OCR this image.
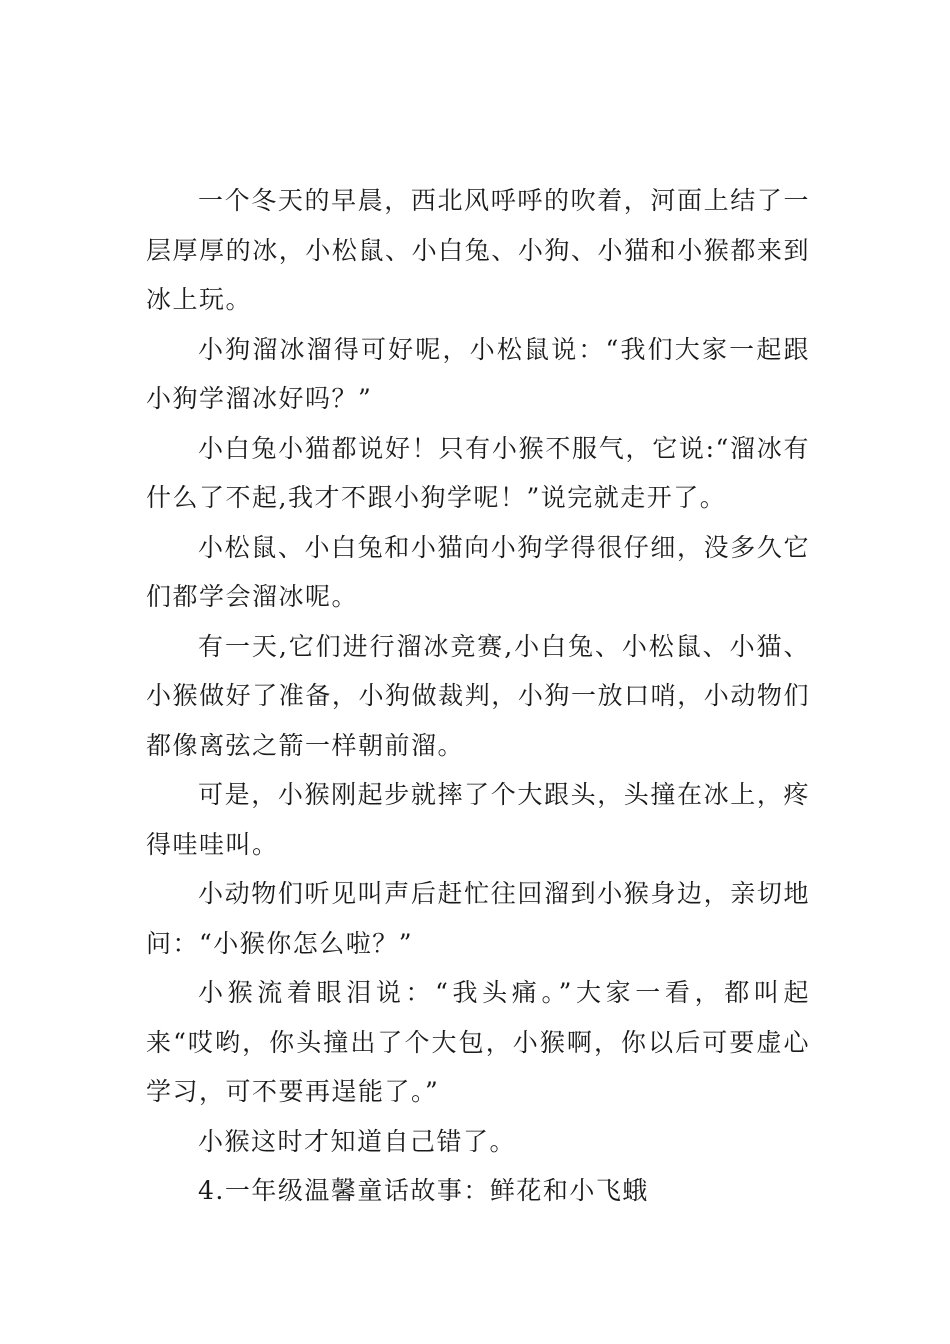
一个冬天的早晨，西北风呼呼的吹着，河面上结了一层厚厚的冰，小松鼠、小白兔、小狗、小猫和小猴都来到冰上玩。

小狗溜冰溜得可好呢，小松鼠说：“我们大家一起跟小狗学溜冰好吗？”

小白兔小猫都说好！只有小猴不服气，它说:“溜冰有什么了不起,我才不跟小狗学呢！”说完就走开了。

小松鼠、小白兔和小猫向小狗学得很仔细，没多久它们都学会溜冰呢。

有一天,它们进行溜冰竞赛,小白兔、小松鼠、小猫、小猴做好了准备，小狗做裁判，小狗一放口哨，小动物们都像离弦之箭一样朝前溜。

可是，小猴刚起步就摔了个大跟头，头撞在冰上，疼得哇哇叫。

小动物们听见叫声后赶忙往回溜到小猴身边，亲切地问：“小猴你怎么啦？”

小猴流着眼泪说：“我头痛。”大家一看，都叫起来“哎哟，你头撞出了个大包，小猴啊，你以后可要虚心学习，可不要再逞能了。”

小猴这时才知道自己错了。

4.一年级温馨童话故事：鲜花和小飞蛾
